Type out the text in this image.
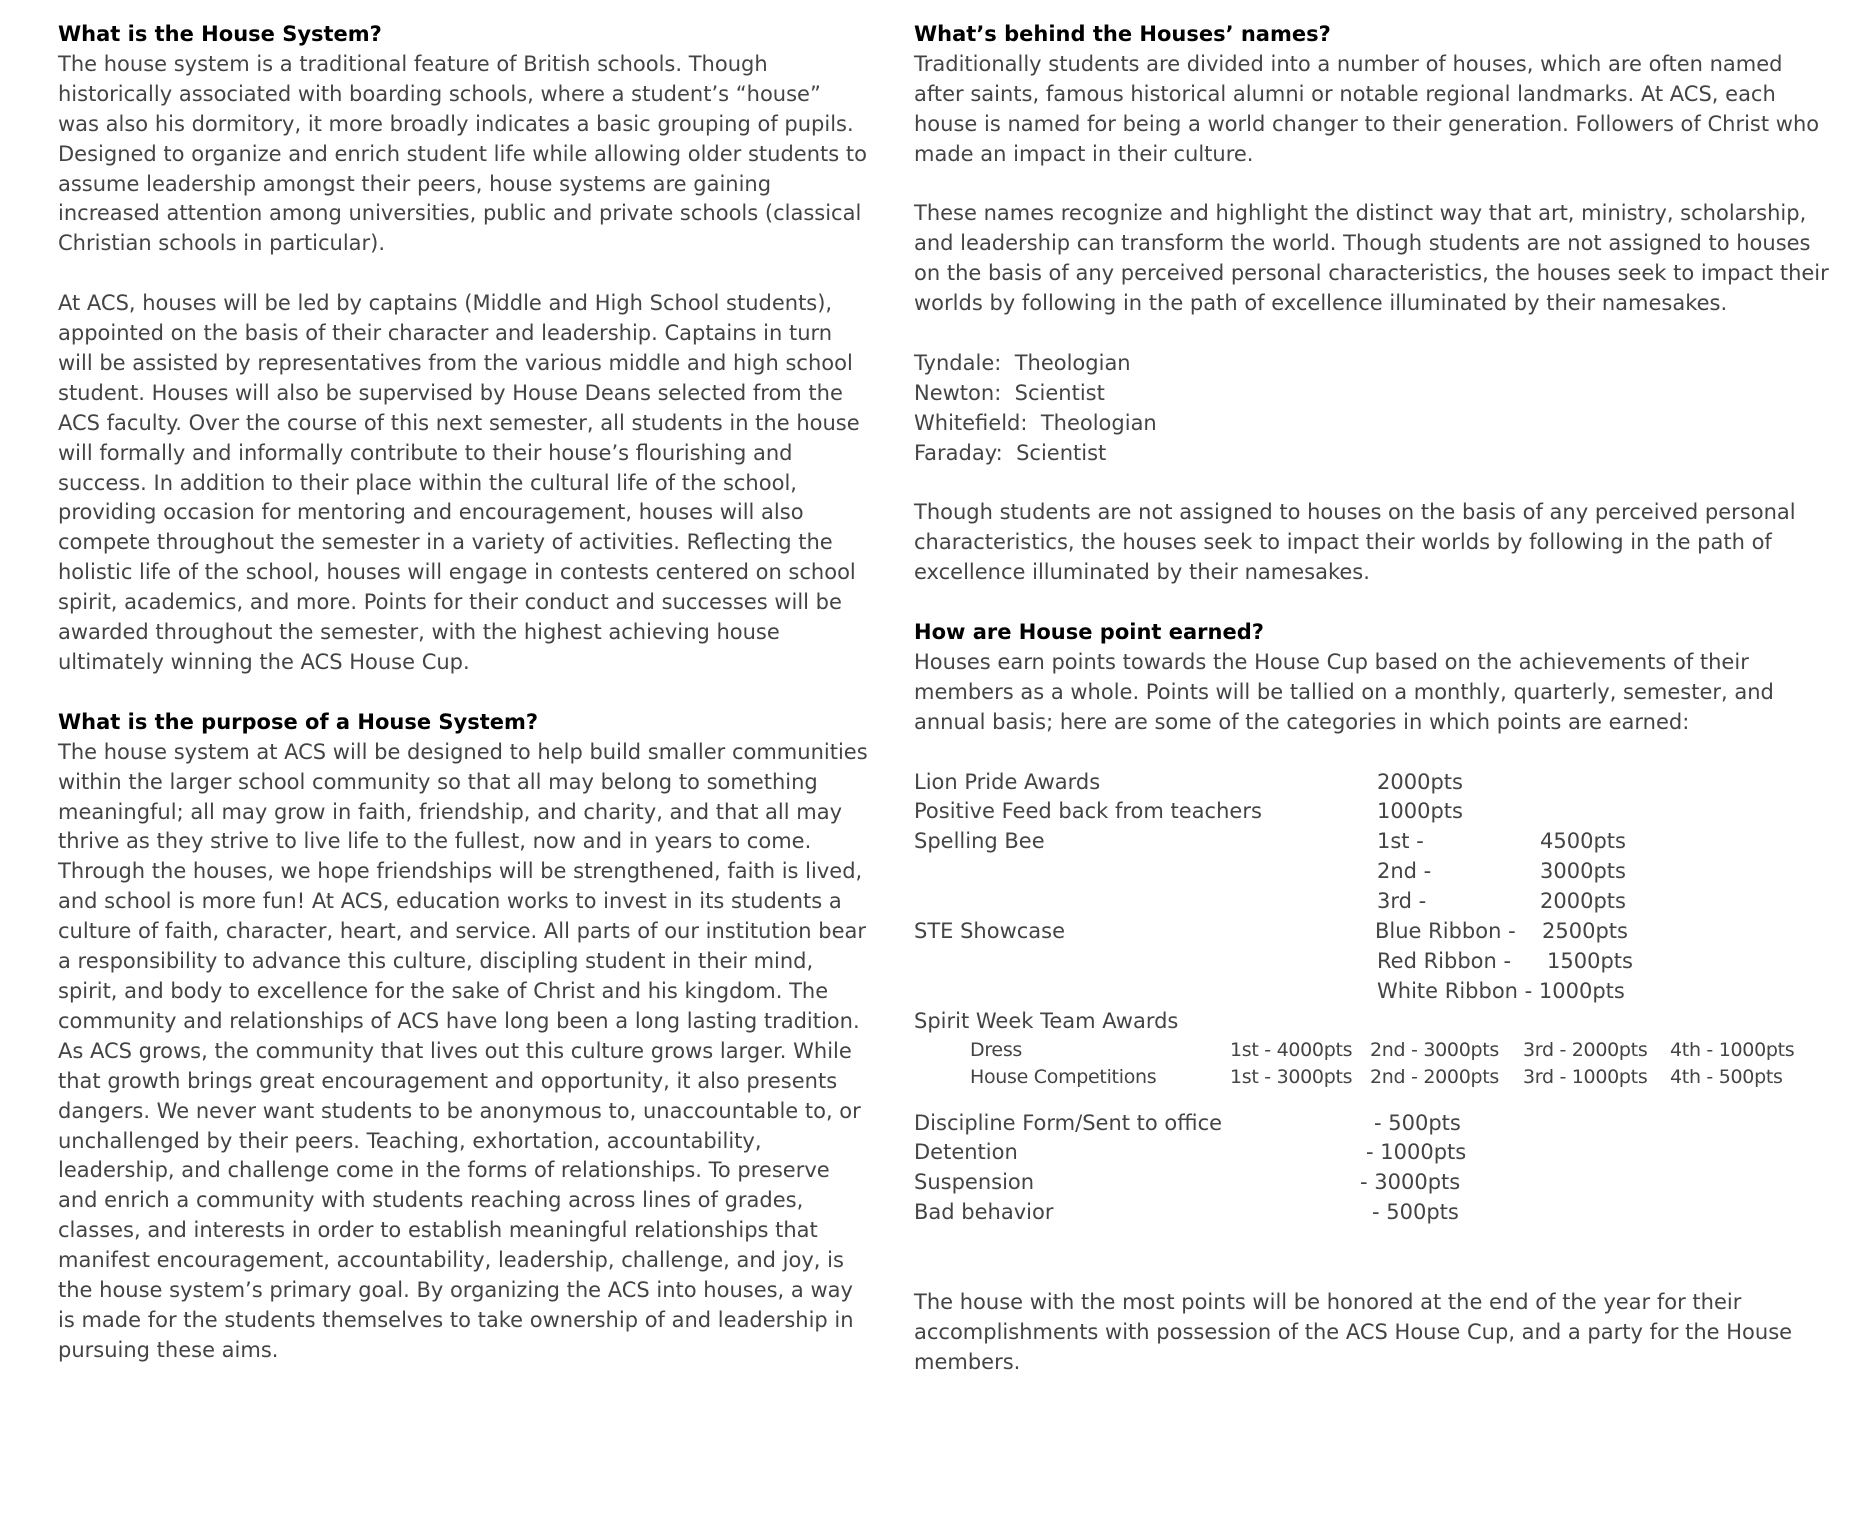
What is the House System?

The house system is a traditional feature of British schools. Though historically associated with boarding schools, where a student’s “house” was also his dormitory, it more broadly indicates a basic grouping of pupils. Designed to organize and enrich student life while allowing older students to assume leadership amongst their peers, house systems are gaining increased attention among universities, public and private schools (classical Christian schools in particular).

At ACS, houses will be led by captains (Middle and High School students), appointed on the basis of their character and leadership. Captains in turn will be assisted by representatives from the various middle and high school student. Houses will also be supervised by House Deans selected from the ACS faculty. Over the course of this next semester, all students in the house will formally and informally contribute to their house’s flourishing and success. In addition to their place within the cultural life of the school, providing occasion for mentoring and encouragement, houses will also compete throughout the semester in a variety of activities. Reflecting the holistic life of the school, houses will engage in contests centered on school spirit, academics, and more. Points for their conduct and successes will be awarded throughout the semester, with the highest achieving house ultimately winning the ACS House Cup.

What is the purpose of a House System?

The house system at ACS will be designed to help build smaller communities within the larger school community so that all may belong to something meaningful; all may grow in faith, friendship, and charity, and that all may thrive as they strive to live life to the fullest, now and in years to come. Through the houses, we hope friendships will be strengthened, faith is lived, and school is more fun! At ACS, education works to invest in its students a culture of faith, character, heart, and service. All parts of our institution bear a responsibility to advance this culture, discipling student in their mind, spirit, and body to excellence for the sake of Christ and his kingdom. The community and relationships of ACS have long been a long lasting tradition. As ACS grows, the community that lives out this culture grows larger. While that growth brings great encouragement and opportunity, it also presents dangers. We never want students to be anonymous to, unaccountable to, or unchallenged by their peers. Teaching, exhortation, accountability, leadership, and challenge come in the forms of relationships. To preserve and enrich a community with students reaching across lines of grades, classes, and interests in order to establish meaningful relationships that manifest encouragement, accountability, leadership, challenge, and joy, is the house system’s primary goal. By organizing the ACS into houses, a way is made for the students themselves to take ownership of and leadership in pursuing these aims.

What’s behind the Houses’ names?

Traditionally students are divided into a number of houses, which are often named after saints, famous historical alumni or notable regional landmarks. At ACS, each house is named for being a world changer to their generation. Followers of Christ who made an impact in their culture.

These names recognize and highlight the distinct way that art, ministry, scholarship, and leadership can transform the world. Though students are not assigned to houses on the basis of any perceived personal characteristics, the houses seek to impact their worlds by following in the path of excellence illuminated by their namesakes.

Tyndale: Theologian
Newton: Scientist
Whitefield: Theologian
Faraday: Scientist

Though students are not assigned to houses on the basis of any perceived personal characteristics, the houses seek to impact their worlds by following in the path of excellence illuminated by their namesakes.

How are House point earned?

Houses earn points towards the House Cup based on the achievements of their members as a whole. Points will be tallied on a monthly, quarterly, semester, and annual basis; here are some of the categories in which points are earned:

Lion Pride Awards	2000pts
Positive Feed back from teachers	1000pts
Spelling Bee	1st -	4500pts
2nd -	3000pts
3rd -	2000pts
STE Showcase	Blue Ribbon - 2500pts
Red Ribbon - 1500pts
White Ribbon - 1000pts
Spirit Week Team Awards
Dress	1st - 4000pts 2nd - 3000pts 3rd - 2000pts 4th - 1000pts
House Competitions	1st - 3000pts 2nd - 2000pts 3rd - 1000pts 4th - 500pts
Discipline Form/Sent to office	- 500pts
Detention	- 1000pts
Suspension	- 3000pts
Bad behavior	- 500pts

The house with the most points will be honored at the end of the year for their accomplishments with possession of the ACS House Cup, and a party for the House members.
